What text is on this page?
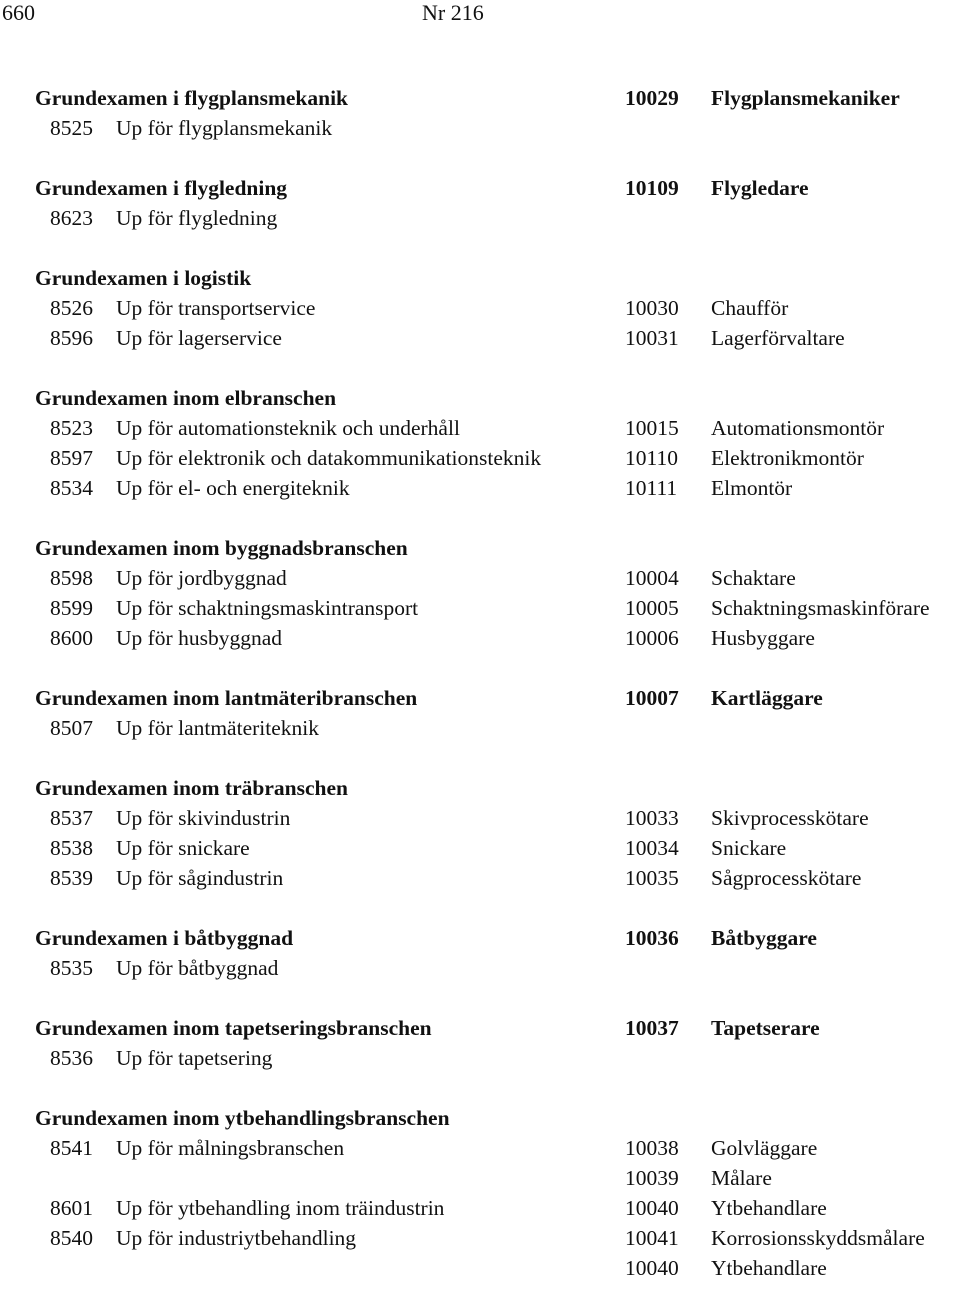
660	Nr 216
Grundexamen i flygplansmekanik	10029 Flygplansmekaniker
8525 Up för flygplansmekanik
Grundexamen i flygledning	10109 Flygledare
8623 Up för flygledning
Grundexamen i logistik
8526 Up för transportservice	10030 Chaufför
8596 Up för lagerservice	10031 Lagerförvaltare
Grundexamen inom elbranschen
8523 Up för automationsteknik och underhåll	10015 Automationsmontör
8597 Up för elektronik och datakommunikationsteknik	10110 Elektronikmontör
8534 Up för el- och energiteknik	10111 Elmontör
Grundexamen inom byggnadsbranschen
8598 Up för jordbyggnad	10004 Schaktare
8599 Up för schaktningsmaskintransport	10005 Schaktningsmaskinförare
8600 Up för husbyggnad	10006 Husbyggare
Grundexamen inom lantmäteribranschen	10007 Kartläggare
8507 Up för lantmäteriteknik
Grundexamen inom träbranschen
8537 Up för skivindustrin	10033 Skivprocesskötare
8538 Up för snickare	10034 Snickare
8539 Up för sågindustrin	10035 Sågprocesskötare
Grundexamen i båtbyggnad	10036 Båtbyggare
8535 Up för båtbyggnad
Grundexamen inom tapetseringsbranschen	10037 Tapetserare
8536 Up för tapetsering
Grundexamen inom ytbehandlingsbranschen
8541 Up för målningsbranschen	10038 Golvläggare
10039 Målare
8601 Up för ytbehandling inom träindustrin	10040 Ytbehandlare
8540 Up för industriytbehandling	10041 Korrosionsskyddsmålare
10040 Ytbehandlare
